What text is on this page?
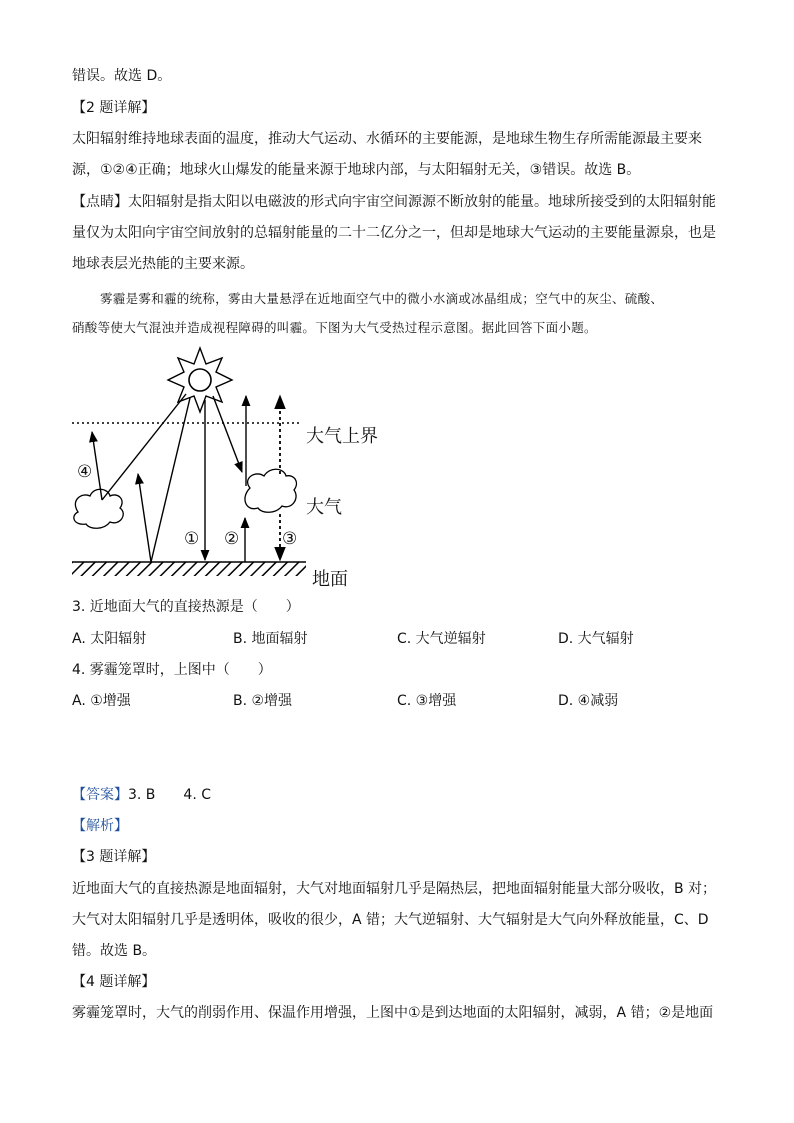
错误。故选 D。
【2 题详解】
太阳辐射维持地球表面的温度，推动大气运动、水循环的主要能源，是地球生物生存所需能源最主要来
源，①②④正确；地球火山爆发的能量来源于地球内部，与太阳辐射无关，③错误。故选 B。
【点睛】太阳辐射是指太阳以电磁波的形式向宇宙空间源源不断放射的能量。地球所接受到的太阳辐射能
量仅为太阳向宇宙空间放射的总辐射能量的二十二亿分之一，但却是地球大气运动的主要能量源泉，也是
地球表层光热能的主要来源。
雾霾是雾和霾的统称，雾由大量悬浮在近地面空气中的微小水滴或冰晶组成；空气中的灰尘、硫酸、
硝酸等使大气混浊并造成视程障碍的叫霾。下图为大气受热过程示意图。据此回答下面小题。
④
① ②	③
大气上界
大气
地面
3. 近地面大气的直接热源是（　　）
A. 太阳辐射	B. 地面辐射	C. 大气逆辐射	D. 大气辐射
4. 雾霾笼罩时，上图中（　　）
A. ①增强	B. ②增强	C. ③增强	D. ④减弱
【答案】3. B　　4. C
【解析】
【3 题详解】
近地面大气的直接热源是地面辐射，大气对地面辐射几乎是隔热层，把地面辐射能量大部分吸收，B 对；
大气对太阳辐射几乎是透明体，吸收的很少，A 错；大气逆辐射、大气辐射是大气向外释放能量，C、D
错。故选 B。
【4 题详解】
雾霾笼罩时，大气的削弱作用、保温作用增强，上图中①是到达地面的太阳辐射，减弱，A 错；②是地面
